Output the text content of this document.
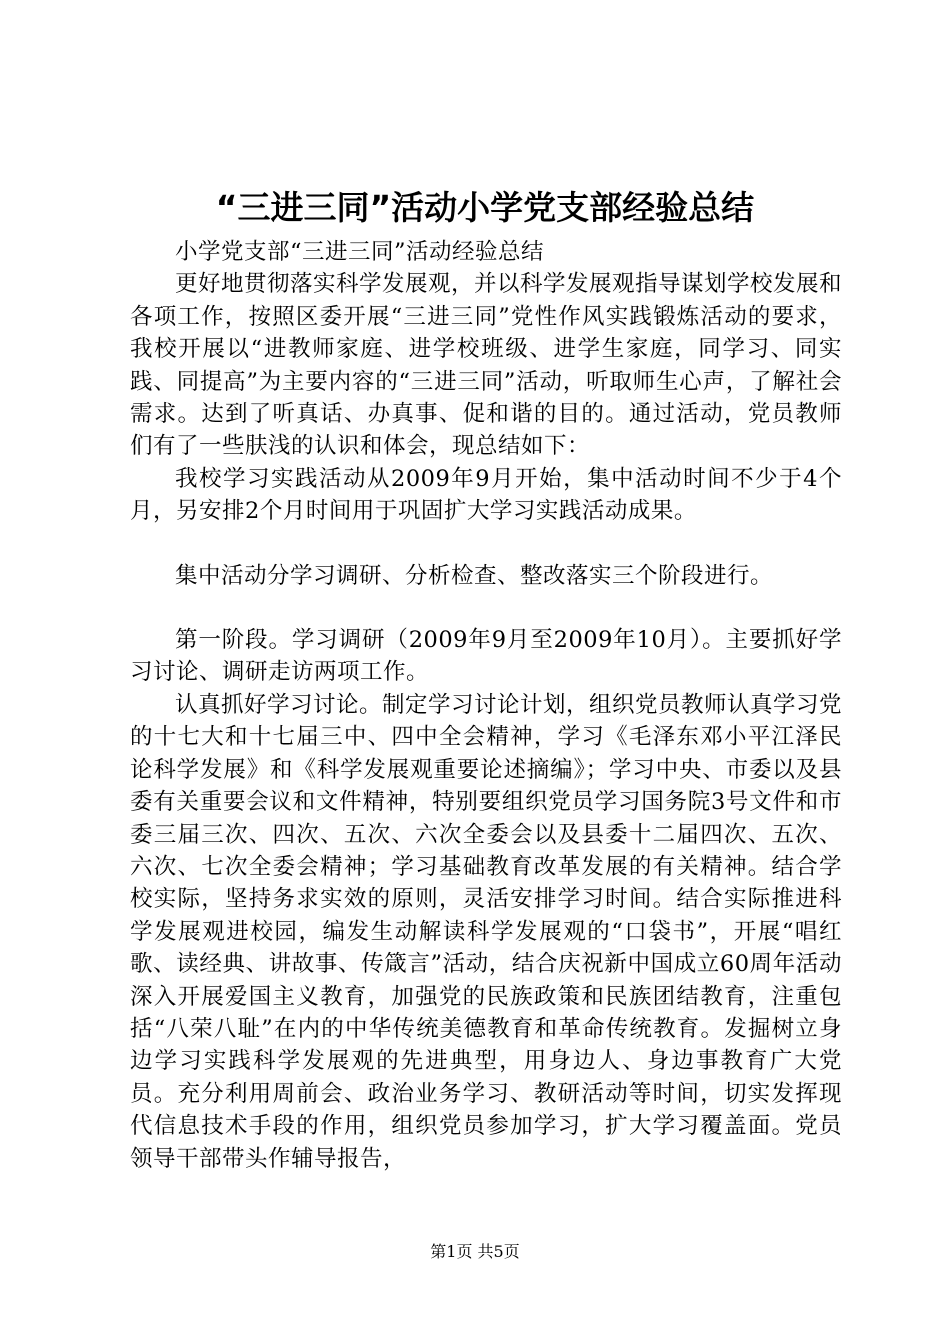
“三进三同”活动小学党支部经验总结

小学党支部“三进三同”活动经验总结

更好地贯彻落实科学发展观，并以科学发展观指导谋划学校发展和各项工作，按照区委开展“三进三同”党性作风实践锻炼活动的要求，我校开展以“进教师家庭、进学校班级、进学生家庭，同学习、同实践、同提高”为主要内容的“三进三同”活动，听取师生心声，了解社会需求。达到了听真话、办真事、促和谐的目的。通过活动，党员教师们有了一些肤浅的认识和体会，现总结如下：

我校学习实践活动从2009年9月开始，集中活动时间不少于4个月，另安排2个月时间用于巩固扩大学习实践活动成果。

集中活动分学习调研、分析检查、整改落实三个阶段进行。

第一阶段。学习调研（2009年9月至2009年10月）。主要抓好学习讨论、调研走访两项工作。

认真抓好学习讨论。制定学习讨论计划，组织党员教师认真学习党的十七大和十七届三中、四中全会精神，学习《毛泽东邓小平江泽民论科学发展》和《科学发展观重要论述摘编》；学习中央、市委以及县委有关重要会议和文件精神，特别要组织党员学习国务院3号文件和市委三届三次、四次、五次、六次全委会以及县委十二届四次、五次、六次、七次全委会精神；学习基础教育改革发展的有关精神。结合学校实际，坚持务求实效的原则，灵活安排学习时间。结合实际推进科学发展观进校园，编发生动解读科学发展观的“口袋书”，开展“唱红歌、读经典、讲故事、传箴言”活动，结合庆祝新中国成立60周年活动深入开展爱国主义教育，加强党的民族政策和民族团结教育，注重包括“八荣八耻”在内的中华传统美德教育和革命传统教育。发掘树立身边学习实践科学发展观的先进典型，用身边人、身边事教育广大党员。充分利用周前会、政治业务学习、教研活动等时间，切实发挥现代信息技术手段的作用，组织党员参加学习，扩大学习覆盖面。党员领导干部带头作辅导报告，

第1页 共5页
